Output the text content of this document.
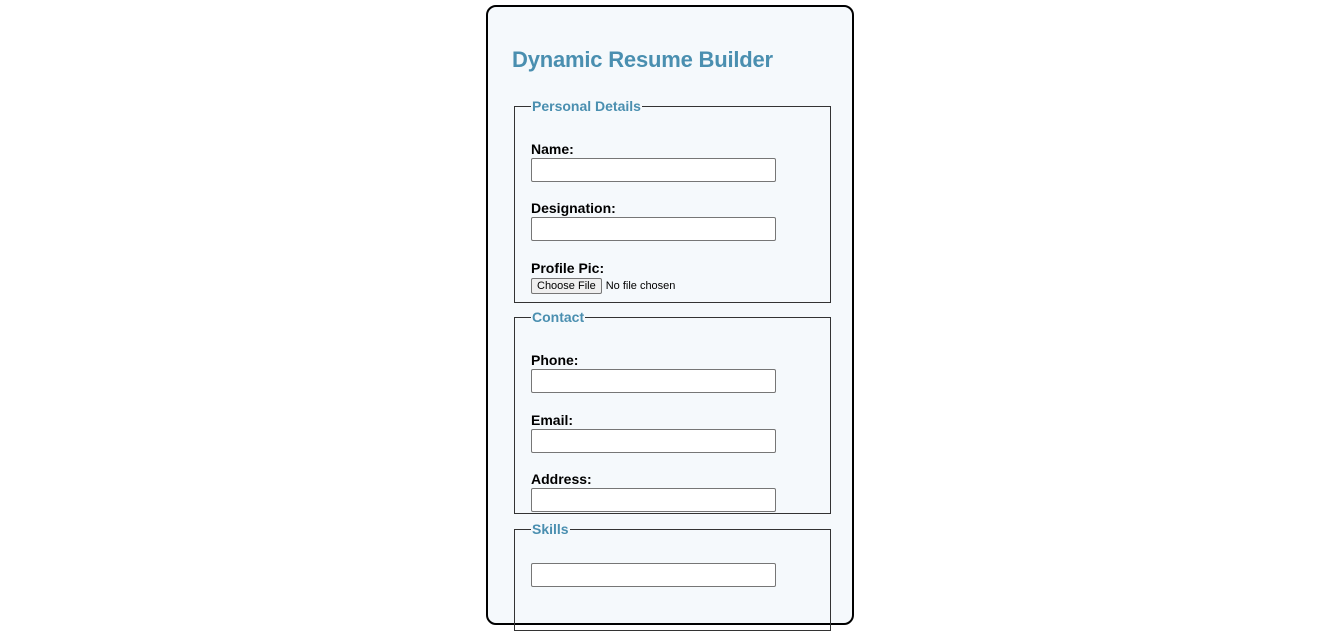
Dynamic Resume Builder
Personal Details
Name:
Designation:
Profile Pic:
Choose File No file chosen
Contact
Phone:
Email:
Address:
Skills
